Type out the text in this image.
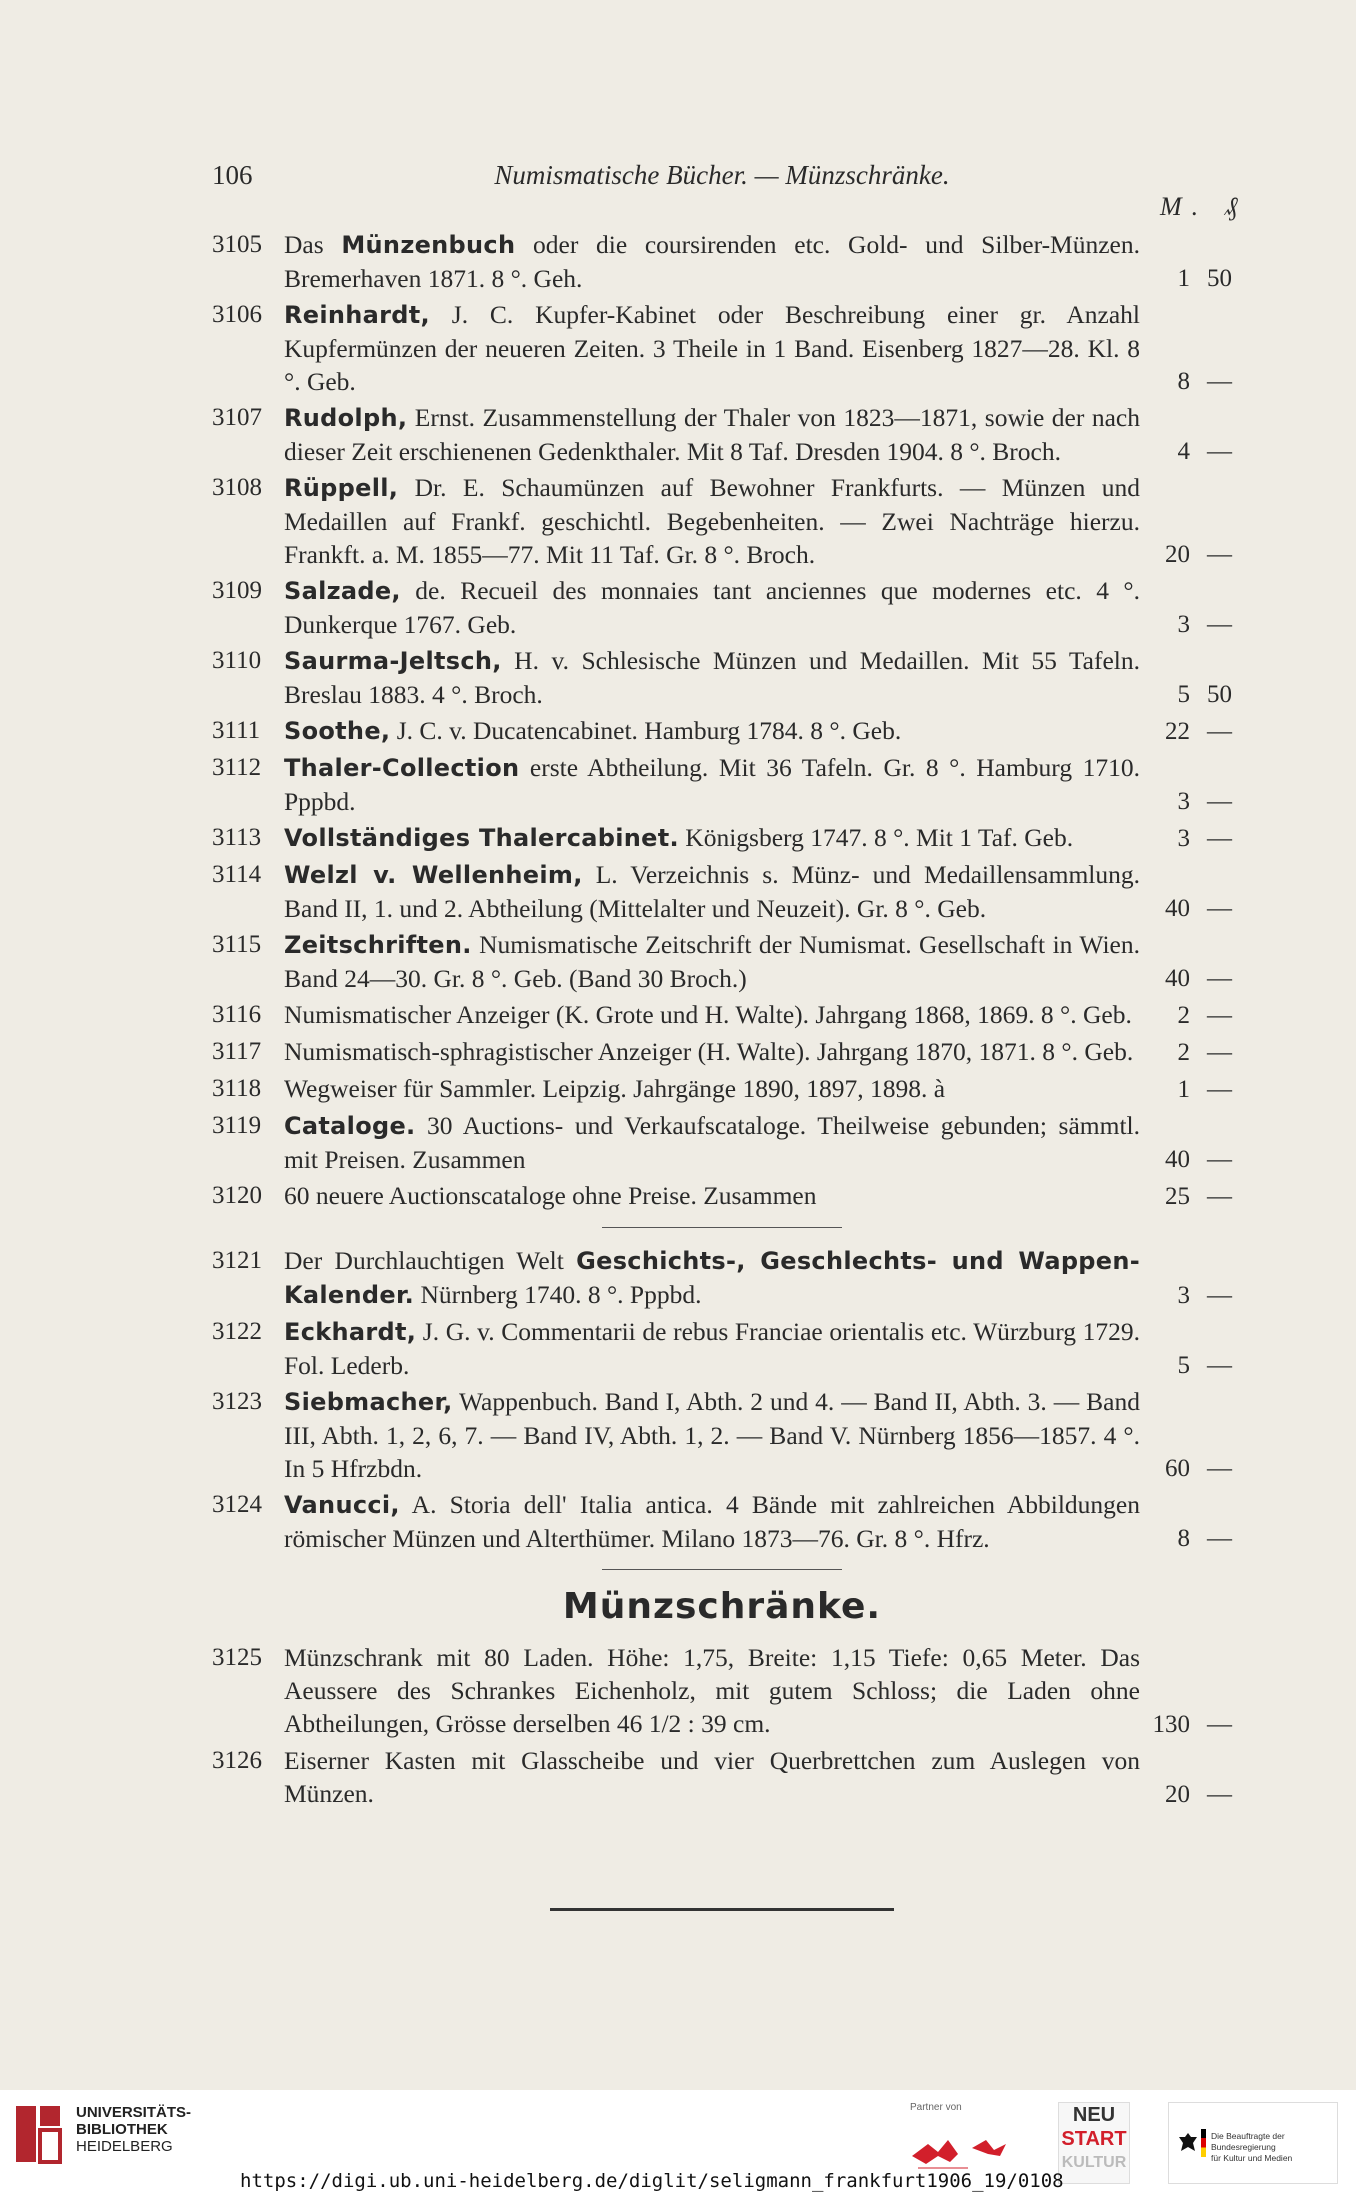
106	Numismatische Bücher. — Münzschränke.
M. ₰
3105 Das Münzenbuch oder die coursirenden etc. Gold- und Silber-Münzen. Bremerhaven 1871. 8 °. Geh.	1 50
3106 Reinhardt, J. C. Kupfer-Kabinet oder Beschreibung einer gr. Anzahl Kupfermünzen der neueren Zeiten. 3 Theile in 1 Band. Eisenberg 1827—28. Kl. 8 °. Geb.	8 —
3107 Rudolph, Ernst. Zusammenstellung der Thaler von 1823—1871, sowie der nach dieser Zeit erschienenen Gedenkthaler. Mit 8 Taf. Dresden 1904. 8 °. Broch.	4 —
3108 Rüppell, Dr. E. Schaumünzen auf Bewohner Frankfurts. — Münzen und Medaillen auf Frankf. geschichtl. Begebenheiten. — Zwei Nachträge hierzu. Frankft. a. M. 1855—77. Mit 11 Taf. Gr. 8 °. Broch.	20 —
3109 Salzade, de. Recueil des monnaies tant anciennes que modernes etc. 4 °. Dunkerque 1767. Geb.	3 —
3110 Saurma-Jeltsch, H. v. Schlesische Münzen und Medaillen. Mit 55 Tafeln. Breslau 1883. 4 °. Broch.	5 50
3111 Soothe, J. C. v. Ducatencabinet. Hamburg 1784. 8 °. Geb.	22 —
3112 Thaler-Collection erste Abtheilung. Mit 36 Tafeln. Gr. 8 °. Hamburg 1710. Pppbd.	3 —
3113 Vollständiges Thalercabinet. Königsberg 1747. 8 °. Mit 1 Taf. Geb.	3 —
3114 Welzl v. Wellenheim, L. Verzeichnis s. Münz- und Medaillensammlung. Band II, 1. und 2. Abtheilung (Mittelalter und Neuzeit). Gr. 8 °. Geb.	40 —
3115 Zeitschriften. Numismatische Zeitschrift der Numismat. Gesellschaft in Wien. Band 24—30. Gr. 8 °. Geb. (Band 30 Broch.)	40 —
3116 Numismatischer Anzeiger (K. Grote und H. Walte). Jahrgang 1868, 1869. 8 °. Geb.	2 —
3117 Numismatisch-sphragistischer Anzeiger (H. Walte). Jahrgang 1870, 1871. 8 °. Geb.	2 —
3118 Wegweiser für Sammler. Leipzig. Jahrgänge 1890, 1897, 1898. à	1 —
3119 Cataloge. 30 Auctions- und Verkaufscataloge. Theilweise gebunden; sämmtl. mit Preisen. Zusammen	40 —
3120 60 neuere Auctionscataloge ohne Preise. Zusammen	25 —
3121 Der Durchlauchtigen Welt Geschichts-, Geschlechts- und Wappen-Kalender. Nürnberg 1740. 8 °. Pppbd.	3 —
3122 Eckhardt, J. G. v. Commentarii de rebus Franciae orientalis etc. Würzburg 1729. Fol. Lederb.	5 —
3123 Siebmacher, Wappenbuch. Band I, Abth. 2 und 4. — Band II, Abth. 3. — Band III, Abth. 1, 2, 6, 7. — Band IV, Abth. 1, 2. — Band V. Nürnberg 1856—1857. 4 °. In 5 Hfrzbdn.	60 —
3124 Vanucci, A. Storia dell' Italia antica. 4 Bände mit zahlreichen Abbildungen römischer Münzen und Alterthümer. Milano 1873—76. Gr. 8 °. Hfrz.	8 —
Münzschränke.
3125 Münzschrank mit 80 Laden. Höhe: 1,75, Breite: 1,15 Tiefe: 0,65 Meter. Das Aeussere des Schrankes Eichenholz, mit gutem Schloss; die Laden ohne Abtheilungen, Grösse derselben 46 1/2 : 39 cm.	130 —
3126 Eiserner Kasten mit Glasscheibe und vier Querbrettchen zum Auslegen von Münzen.	20 —
UNIVERSITÄTS-
BIBLIOTHEK
HEIDELBERG
Partner von	NEU
START
KULTUR
Die Beauftragte der Bundesregierung
für Kultur und Medien
https://digi.ub.uni-heidelberg.de/diglit/seligmann_frankfurt1906_19/0108
